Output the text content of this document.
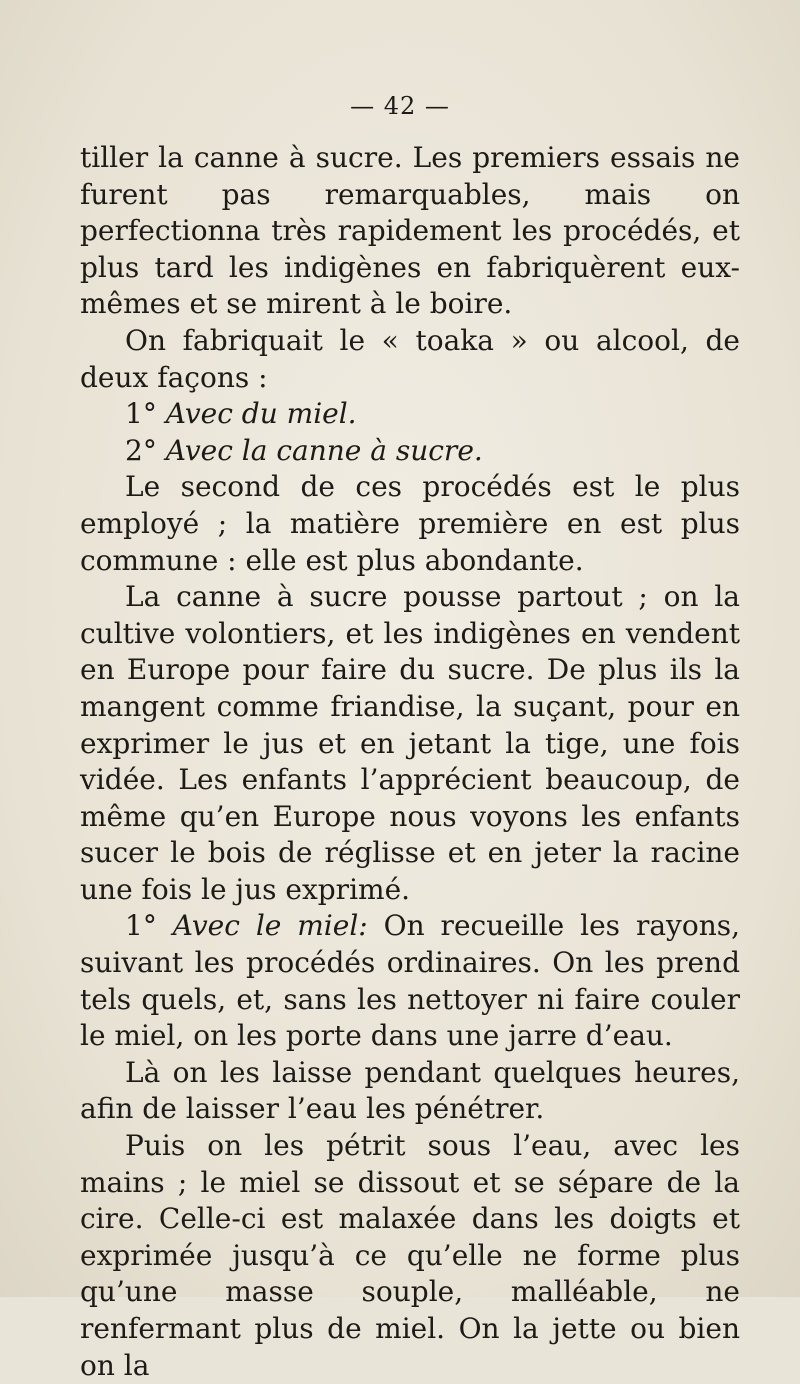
— 42 —

tiller la canne à sucre. Les premiers essais ne furent pas remarquables, mais on perfectionna très rapidement les procédés, et plus tard les indigènes en fabriquèrent eux-mêmes et se mirent à le boire.

On fabriquait le « toaka » ou alcool, de deux façons :

1° Avec du miel.

2° Avec la canne à sucre.

Le second de ces procédés est le plus employé ; la matière première en est plus commune : elle est plus abondante.

La canne à sucre pousse partout ; on la cultive volontiers, et les indigènes en vendent en Europe pour faire du sucre. De plus ils la mangent comme friandise, la suçant, pour en exprimer le jus et en jetant la tige, une fois vidée. Les enfants l’apprécient beaucoup, de même qu’en Europe nous voyons les enfants sucer le bois de réglisse et en jeter la racine une fois le jus exprimé.

1° Avec le miel: On recueille les rayons, suivant les procédés ordinaires. On les prend tels quels, et, sans les nettoyer ni faire couler le miel, on les porte dans une jarre d’eau.

Là on les laisse pendant quelques heures, afin de laisser l’eau les pénétrer.

Puis on les pétrit sous l’eau, avec les mains ; le miel se dissout et se sépare de la cire. Celle-ci est malaxée dans les doigts et exprimée jusqu’à ce qu’elle ne forme plus qu’une masse souple, malléable, ne renfermant plus de miel. On la jette ou bien on la
